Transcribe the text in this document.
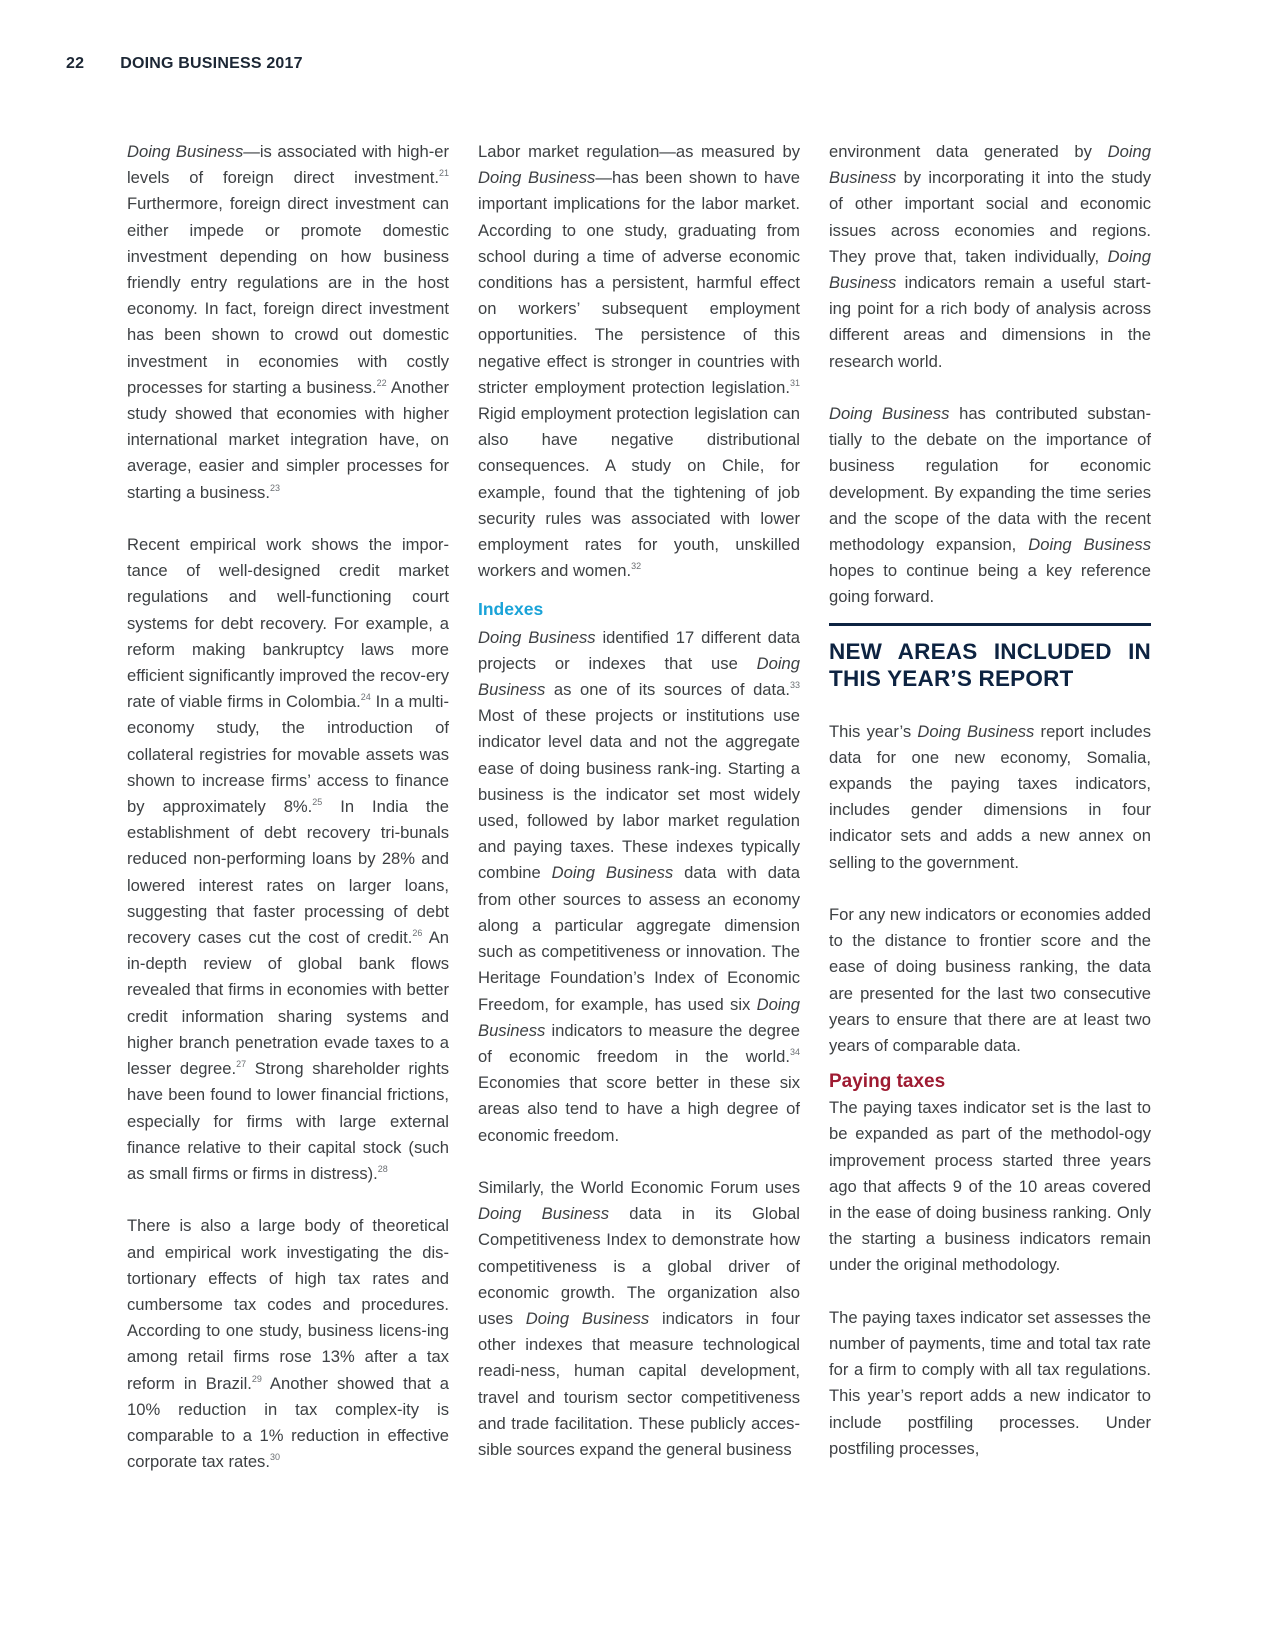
22 DOING BUSINESS 2017

Doing Business—is associated with high-er levels of foreign direct investment.$^{21}$ Furthermore, foreign direct investment can either impede or promote domestic investment depending on how business friendly entry regulations are in the host economy. In fact, foreign direct investment has been shown to crowd out domestic investment in economies with costly processes for starting a business.$^{22}$ Another study showed that economies with higher international market integration have, on average, easier and simpler processes for starting a business.$^{23}$

Recent empirical work shows the impor-tance of well-designed credit market regulations and well-functioning court systems for debt recovery. For example, a reform making bankruptcy laws more efficient significantly improved the recov-ery rate of viable firms in Colombia.$^{24}$ In a multi-economy study, the introduction of collateral registries for movable assets was shown to increase firms’ access to finance by approximately 8%.$^{25}$ In India the establishment of debt recovery tri-bunals reduced non-performing loans by 28% and lowered interest rates on larger loans, suggesting that faster processing of debt recovery cases cut the cost of credit.$^{26}$ An in-depth review of global bank flows revealed that firms in economies with better credit information sharing systems and higher branch penetration evade taxes to a lesser degree.$^{27}$ Strong shareholder rights have been found to lower financial frictions, especially for firms with large external finance relative to their capital stock (such as small firms or firms in distress).$^{28}$

There is also a large body of theoretical and empirical work investigating the dis-tortionary effects of high tax rates and cumbersome tax codes and procedures. According to one study, business licens-ing among retail firms rose 13% after a tax reform in Brazil.$^{29}$ Another showed that a 10% reduction in tax complex-ity is comparable to a 1% reduction in effective corporate tax rates.$^{30}$

Labor market regulation—as measured by Doing Business—has been shown to have important implications for the labor market. According to one study, graduating from school during a time of adverse economic conditions has a persistent, harmful effect on workers’ subsequent employment opportunities. The persistence of this negative effect is stronger in countries with stricter employment protection legislation.$^{31}$ Rigid employment protection legislation can also have negative distributional consequences. A study on Chile, for example, found that the tightening of job security rules was associated with lower employment rates for youth, unskilled workers and women.$^{32}$

Indexes

Doing Business identified 17 different data projects or indexes that use Doing Business as one of its sources of data.$^{33}$ Most of these projects or institutions use indicator level data and not the aggregate ease of doing business rank-ing. Starting a business is the indicator set most widely used, followed by labor market regulation and paying taxes. These indexes typically combine Doing Business data with data from other sources to assess an economy along a particular aggregate dimension such as competitiveness or innovation. The Heritage Foundation’s Index of Economic Freedom, for example, has used six Doing Business indicators to measure the degree of economic freedom in the world.$^{34}$ Economies that score better in these six areas also tend to have a high degree of economic freedom.

Similarly, the World Economic Forum uses Doing Business data in its Global Competitiveness Index to demonstrate how competitiveness is a global driver of economic growth. The organization also uses Doing Business indicators in four other indexes that measure technological readi-ness, human capital development, travel and tourism sector competitiveness and trade facilitation. These publicly acces-sible sources expand the general business

environment data generated by Doing Business by incorporating it into the study of other important social and economic issues across economies and regions. They prove that, taken individually, Doing Business indicators remain a useful start-ing point for a rich body of analysis across different areas and dimensions in the research world.

Doing Business has contributed substan-tially to the debate on the importance of business regulation for economic development. By expanding the time series and the scope of the data with the recent methodology expansion, Doing Business hopes to continue being a key reference going forward.

NEW AREAS INCLUDED IN THIS YEAR’S REPORT

This year’s Doing Business report includes data for one new economy, Somalia, expands the paying taxes indicators, includes gender dimensions in four indicator sets and adds a new annex on selling to the government.

For any new indicators or economies added to the distance to frontier score and the ease of doing business ranking, the data are presented for the last two consecutive years to ensure that there are at least two years of comparable data.

Paying taxes

The paying taxes indicator set is the last to be expanded as part of the methodol-ogy improvement process started three years ago that affects 9 of the 10 areas covered in the ease of doing business ranking. Only the starting a business indicators remain under the original methodology.

The paying taxes indicator set assesses the number of payments, time and total tax rate for a firm to comply with all tax regulations. This year’s report adds a new indicator to include postfiling processes. Under postfiling processes,
